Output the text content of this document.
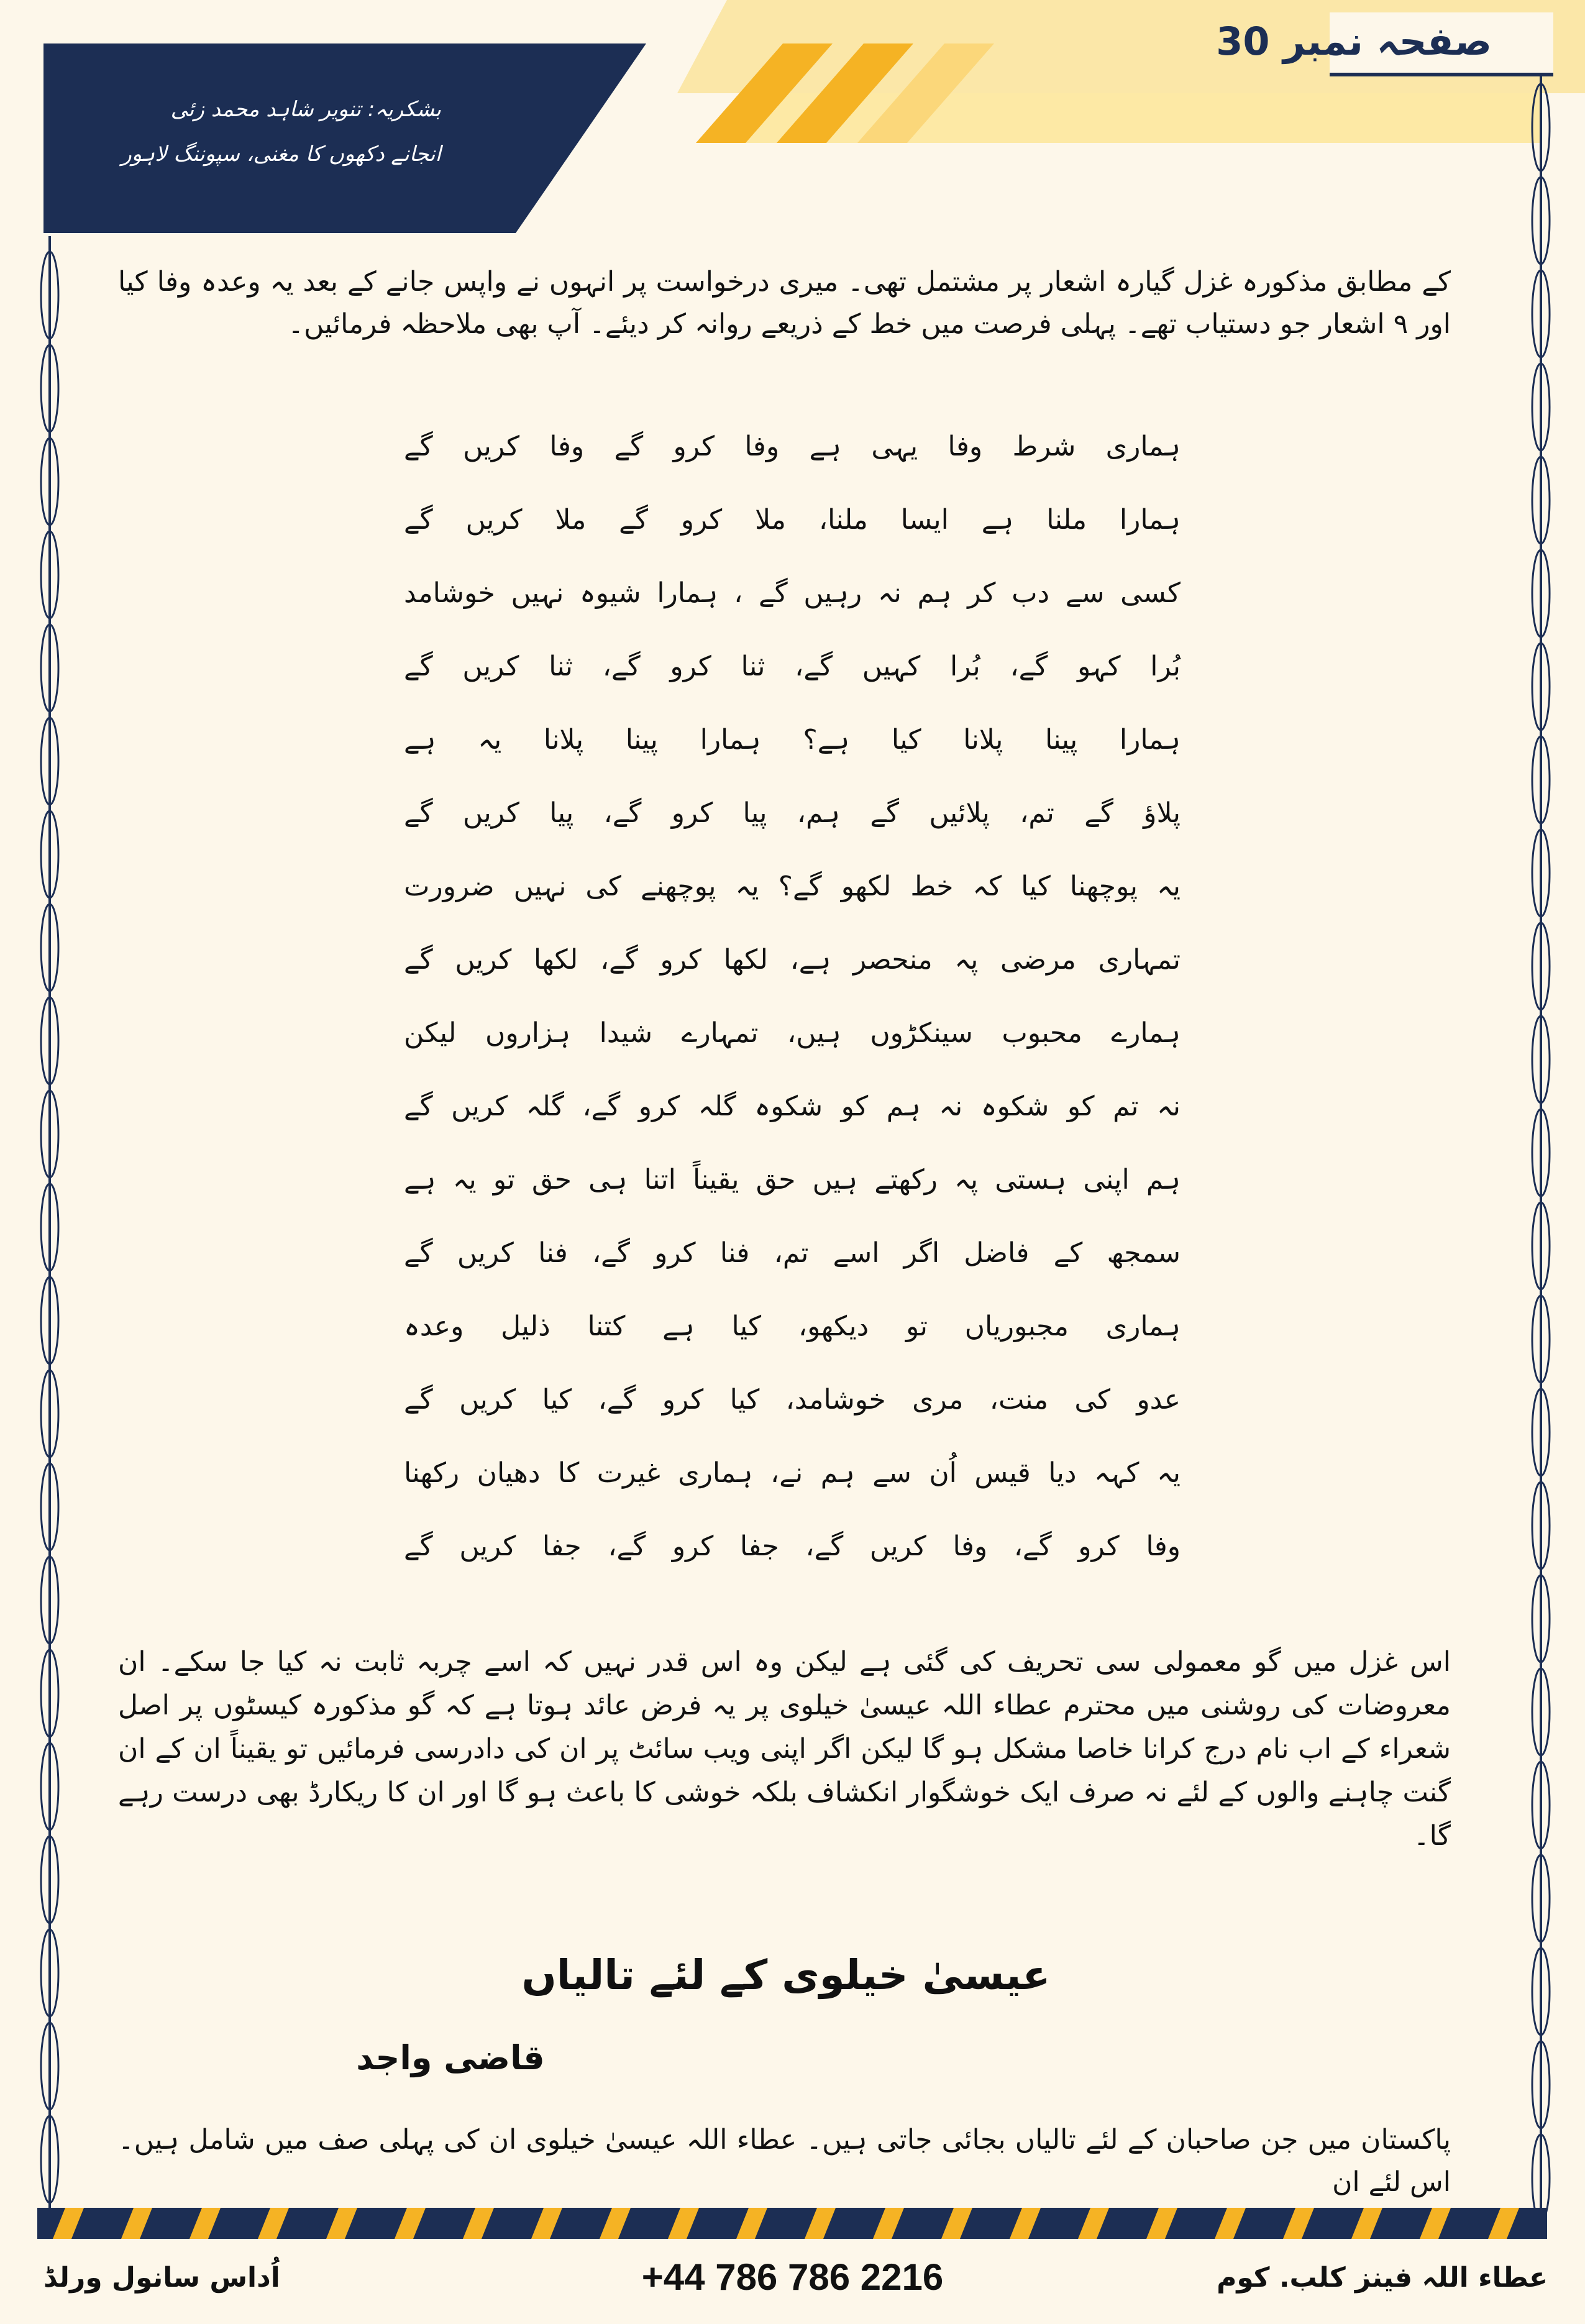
صفحہ نمبر 30
بشکریہ: تنویر شاہد محمد زئی
انجانے دکھوں کا مغنی، سپوننگ لاہور
کے مطابق مذکورہ غزل گیارہ اشعار پر مشتمل تھی۔ میری درخواست پر انہوں نے واپس جانے کے بعد یہ وعدہ وفا کیا اور ۹ اشعار جو دستیاب تھے۔ پہلی فرصت میں خط کے ذریعے روانہ کر دیئے۔ آپ بھی ملاحظہ فرمائیں۔
ہماری شرط وفا یہی ہے وفا کرو گے وفا کریں گے
ہمارا ملنا ہے ایسا ملنا، ملا کرو گے ملا کریں گے
کسی سے دب کر ہم نہ رہیں گے ، ہمارا شیوہ نہیں خوشامد
بُرا کہو گے، بُرا کہیں گے، ثنا کرو گے، ثنا کریں گے
ہمارا پینا پلانا کیا ہے؟ ہمارا پینا پلانا یہ ہے
پلاؤ گے تم، پلائیں گے ہم، پیا کرو گے، پیا کریں گے
یہ پوچھنا کیا کہ خط لکھو گے؟ یہ پوچھنے کی نہیں ضرورت
تمہاری مرضی پہ منحصر ہے، لکھا کرو گے، لکھا کریں گے
ہمارے محبوب سینکڑوں ہیں، تمہارے شیدا ہزاروں لیکن
نہ تم کو شکوہ نہ ہم کو شکوہ گلہ کرو گے، گلہ کریں گے
ہم اپنی ہستی پہ رکھتے ہیں حق یقیناً اتنا ہی حق تو یہ ہے
سمجھ کے فاضل اگر اسے تم، فنا کرو گے، فنا کریں گے
ہماری مجبوریاں تو دیکھو، کیا ہے کتنا ذلیل وعدہ
عدو کی منت، مری خوشامد، کیا کرو گے، کیا کریں گے
یہ کہہ دیا قیس اُن سے ہم نے، ہماری غیرت کا دھیان رکھنا
وفا کرو گے، وفا کریں گے، جفا کرو گے، جفا کریں گے
اس غزل میں گو معمولی سی تحریف کی گئی ہے لیکن وہ اس قدر نہیں کہ اسے چربہ ثابت نہ کیا جا سکے۔ ان معروضات کی روشنی میں محترم عطاء اللہ عیسیٰ خیلوی پر یہ فرض عائد ہوتا ہے کہ گو مذکورہ کیسٹوں پر اصل شعراء کے اب نام درج کرانا خاصا مشکل ہو گا لیکن اگر اپنی ویب سائٹ پر ان کی دادرسی فرمائیں تو یقیناً ان کے ان گنت چاہنے والوں کے لئے نہ صرف ایک خوشگوار انکشاف بلکہ خوشی کا باعث ہو گا اور ان کا ریکارڈ بھی درست رہے گا۔
عیسیٰ خیلوی کے لئے تالیاں
قاضی واجد
پاکستان میں جن صاحبان کے لئے تالیاں بجائی جاتی ہیں۔ عطاء اللہ عیسیٰ خیلوی ان کی پہلی صف میں شامل ہیں۔ اس لئے ان
عطاء اللہ فینز کلب. کوم
+44 786 786 2216
اُداس سانول ورلڈ
